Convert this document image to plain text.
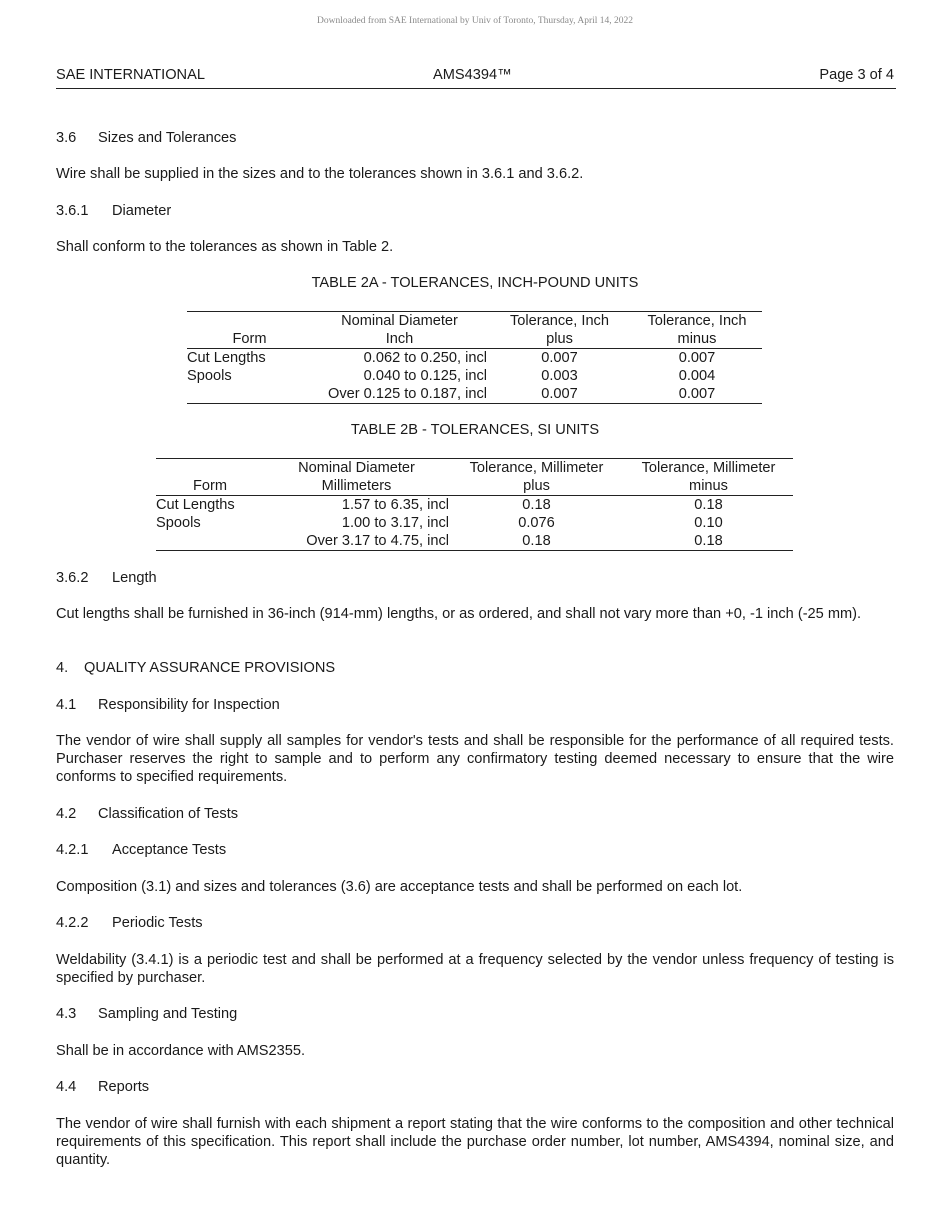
Downloaded from SAE International by Univ of Toronto, Thursday, April 14, 2022
SAE INTERNATIONAL	AMS4394™	Page 3 of 4
3.6 Sizes and Tolerances
Wire shall be supplied in the sizes and to the tolerances shown in 3.6.1 and 3.6.2.
3.6.1 Diameter
Shall conform to the tolerances as shown in Table 2.
TABLE 2A - TOLERANCES, INCH-POUND UNITS
	Nominal Diameter	Tolerance, Inch	Tolerance, Inch
Form	Inch	plus	minus
Cut Lengths	0.062 to 0.250, incl	0.007	0.007
Spools	0.040 to 0.125, incl	0.003	0.004
	Over 0.125 to 0.187, incl	0.007	0.007
TABLE 2B - TOLERANCES, SI UNITS
	Nominal Diameter	Tolerance, Millimeter	Tolerance, Millimeter
Form	Millimeters	plus	minus
Cut Lengths	1.57 to 6.35, incl	0.18	0.18
Spools	1.00 to 3.17, incl	0.076	0.10
	Over 3.17 to 4.75, incl	0.18	0.18
3.6.2 Length
Cut lengths shall be furnished in 36-inch (914-mm) lengths, or as ordered, and shall not vary more than +0, -1 inch (-25 mm).
4. QUALITY ASSURANCE PROVISIONS
4.1 Responsibility for Inspection
The vendor of wire shall supply all samples for vendor's tests and shall be responsible for the performance of all required tests. Purchaser reserves the right to sample and to perform any confirmatory testing deemed necessary to ensure that the wire conforms to specified requirements.
4.2 Classification of Tests
4.2.1 Acceptance Tests
Composition (3.1) and sizes and tolerances (3.6) are acceptance tests and shall be performed on each lot.
4.2.2 Periodic Tests
Weldability (3.4.1) is a periodic test and shall be performed at a frequency selected by the vendor unless frequency of testing is specified by purchaser.
4.3 Sampling and Testing
Shall be in accordance with AMS2355.
4.4 Reports
The vendor of wire shall furnish with each shipment a report stating that the wire conforms to the composition and other technical requirements of this specification. This report shall include the purchase order number, lot number, AMS4394, nominal size, and quantity.
